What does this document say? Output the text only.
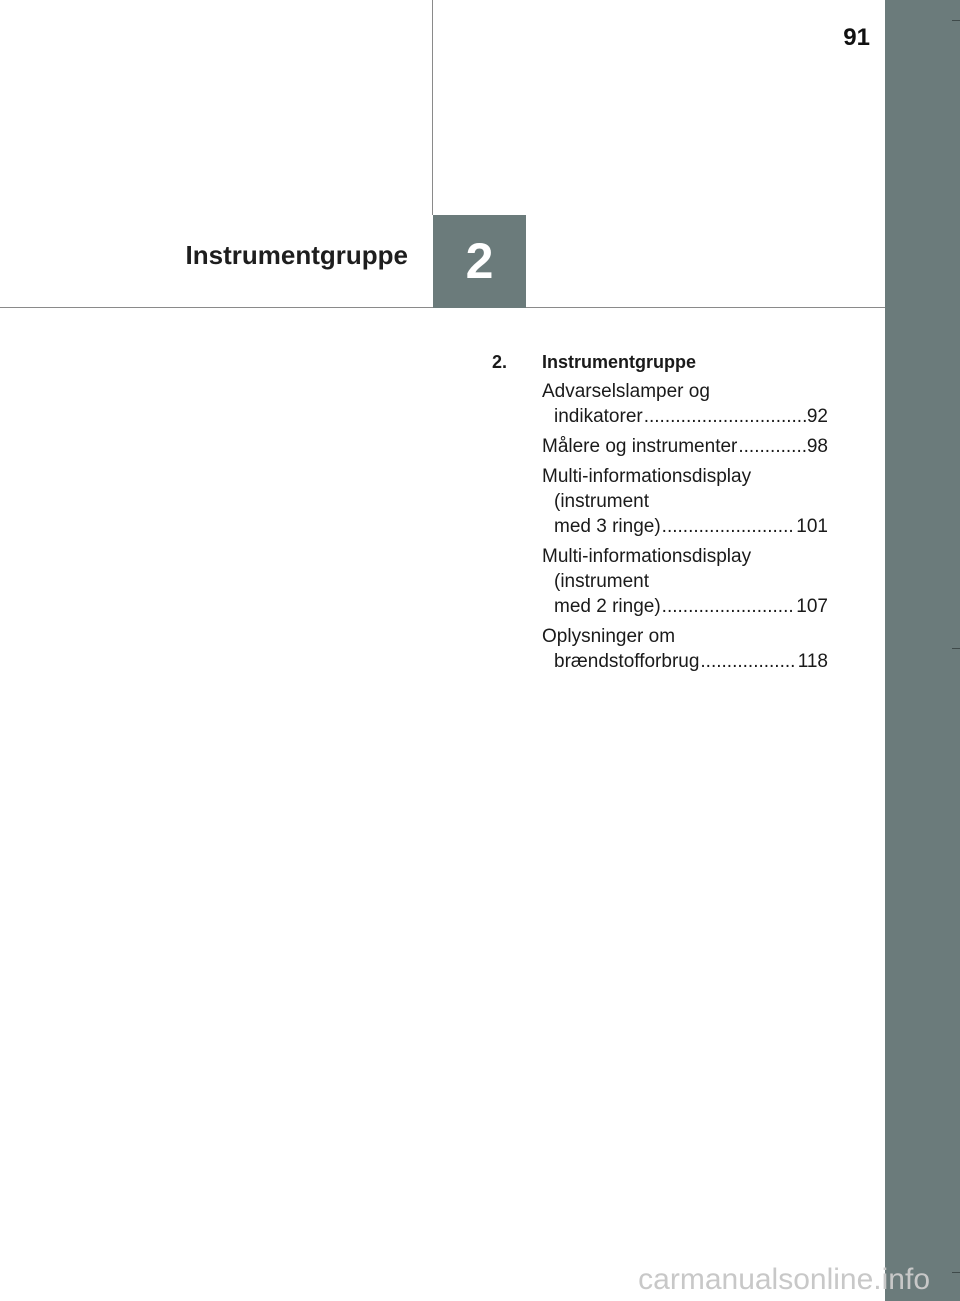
91
Instrumentgruppe	2
2.	Instrumentgruppe
Advarselslamper og
indikatorer .....	92
Målere og instrumenter .....	98
Multi-informationsdisplay
(instrument
med 3 ringe) .....	101
Multi-informationsdisplay
(instrument
med 2 ringe) .....	107
Oplysninger om
brændstofforbrug .....	118
carmanualsonline.info
